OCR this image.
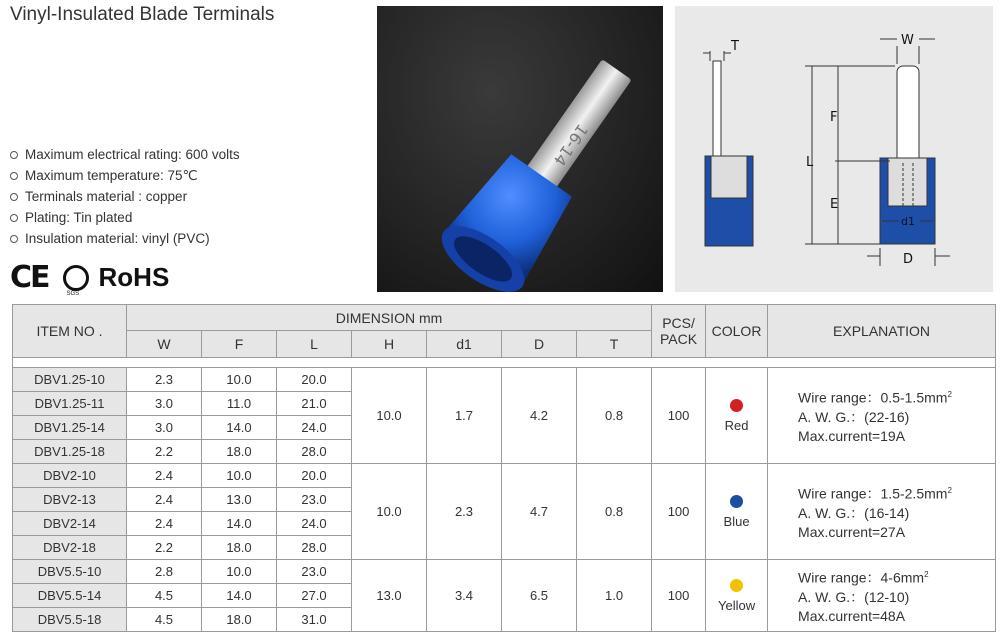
Vinyl-Insulated Blade Terminals
Maximum electrical rating: 600 volts
Maximum temperature: 75℃
Terminals material : copper
Plating: Tin plated
Insulation material: vinyl (PVC)
CE	SGS
RoHS
16-14
T	W
F
L
E
d1
D
ITEM NO .	DIMENSION mm							PCS/
PACK	COLOR	EXPLANATION
	W	F	L	H	d1	D	T			

DBV1.25-10	2.3	10.0	20.0	10.0	1.7	4.2	0.8	100	Red	Wire range：$0.5-1.5mm^2$
A. W. G.：(22-16)
Max.current=19A

DBV1.25-11	3.0	11.0	21.0							
DBV1.25-14	3.0	14.0	24.0							
DBV1.25-18	2.2	18.0	28.0							
DBV2-10	2.4	10.0	20.0	10.0	2.3	4.7	0.8	100	Blue	Wire range：$1.5-2.5mm^2$
A. W. G.：(16-14)
Max.current=27A

DBV2-13	2.4	13.0	23.0							
DBV2-14	2.4	14.0	24.0							
DBV2-18	2.2	18.0	28.0							
DBV5.5-10	2.8	10.0	23.0	13.0	3.4	6.5	1.0	100	Yellow	Wire range：$4-6mm^2$
A. W. G.：(12-10)
Max.current=48A

DBV5.5-14	4.5	14.0	27.0							
DBV5.5-18	4.5	18.0	31.0							
